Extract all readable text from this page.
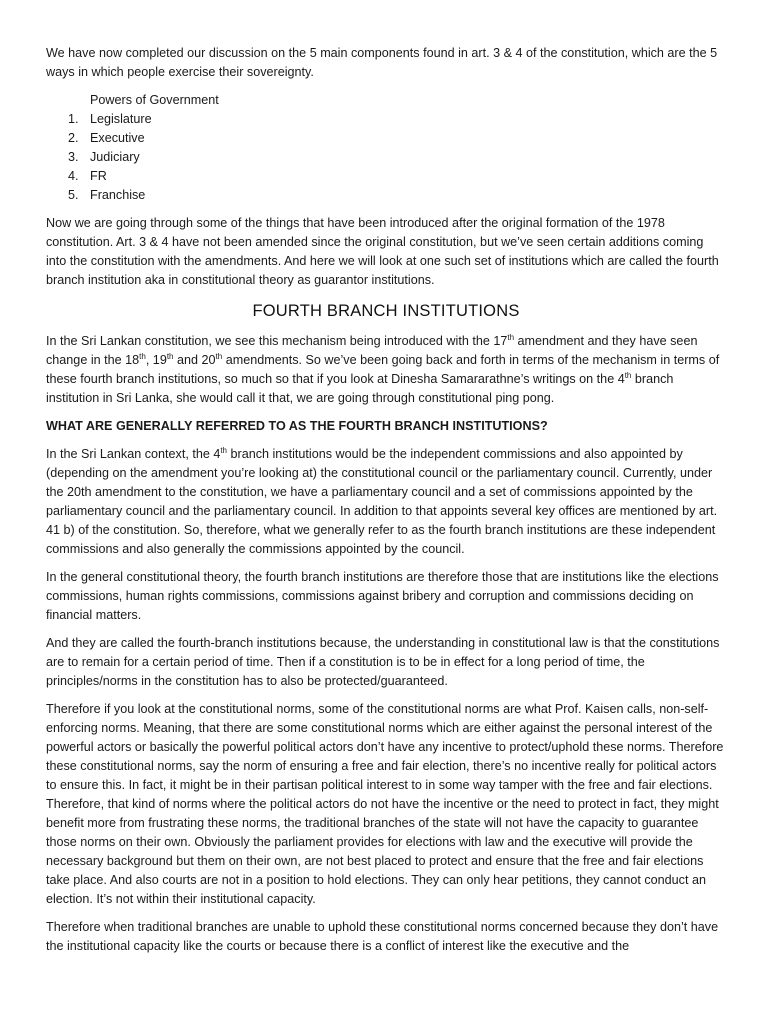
We have now completed our discussion on the 5 main components found in art. 3 & 4 of the constitution, which are the 5 ways in which people exercise their sovereignty.

Powers of Government
1. Legislature
2. Executive
3. Judiciary
4. FR
5. Franchise

Now we are going through some of the things that have been introduced after the original formation of the 1978 constitution. Art. 3 & 4 have not been amended since the original constitution, but we’ve seen certain additions coming into the constitution with the amendments. And here we will look at one such set of institutions which are called the fourth branch institution aka in constitutional theory as guarantor institutions.

FOURTH BRANCH INSTITUTIONS

In the Sri Lankan constitution, we see this mechanism being introduced with the 17th amendment and they have seen change in the 18th, 19th and 20th amendments. So we’ve been going back and forth in terms of the mechanism in terms of these fourth branch institutions, so much so that if you look at Dinesha Samararathne’s writings on the 4th branch institution in Sri Lanka, she would call it that, we are going through constitutional ping pong.

WHAT ARE GENERALLY REFERRED TO AS THE FOURTH BRANCH INSTITUTIONS?

In the Sri Lankan context, the 4th branch institutions would be the independent commissions and also appointed by (depending on the amendment you’re looking at) the constitutional council or the parliamentary council. Currently, under the 20th amendment to the constitution, we have a parliamentary council and a set of commissions appointed by the parliamentary council and the parliamentary council. In addition to that appoints several key offices are mentioned by art. 41 b) of the constitution. So, therefore, what we generally refer to as the fourth branch institutions are these independent commissions and also generally the commissions appointed by the council.

In the general constitutional theory, the fourth branch institutions are therefore those that are institutions like the elections commissions, human rights commissions, commissions against bribery and corruption and commissions deciding on financial matters.

And they are called the fourth-branch institutions because, the understanding in constitutional law is that the constitutions are to remain for a certain period of time. Then if a constitution is to be in effect for a long period of time, the principles/norms in the constitution has to also be protected/guaranteed.

Therefore if you look at the constitutional norms, some of the constitutional norms are what Prof. Kaisen calls, non-self-enforcing norms. Meaning, that there are some constitutional norms which are either against the personal interest of the powerful actors or basically the powerful political actors don’t have any incentive to protect/uphold these norms. Therefore these constitutional norms, say the norm of ensuring a free and fair election, there’s no incentive really for political actors to ensure this. In fact, it might be in their partisan political interest to in some way tamper with the free and fair elections. Therefore, that kind of norms where the political actors do not have the incentive or the need to protect in fact, they might benefit more from frustrating these norms, the traditional branches of the state will not have the capacity to guarantee those norms on their own. Obviously the parliament provides for elections with law and the executive will provide the necessary background but them on their own, are not best placed to protect and ensure that the free and fair elections take place. And also courts are not in a position to hold elections. They can only hear petitions, they cannot conduct an election. It’s not within their institutional capacity.

Therefore when traditional branches are unable to uphold these constitutional norms concerned because they don’t have the institutional capacity like the courts or because there is a conflict of interest like the executive and the
